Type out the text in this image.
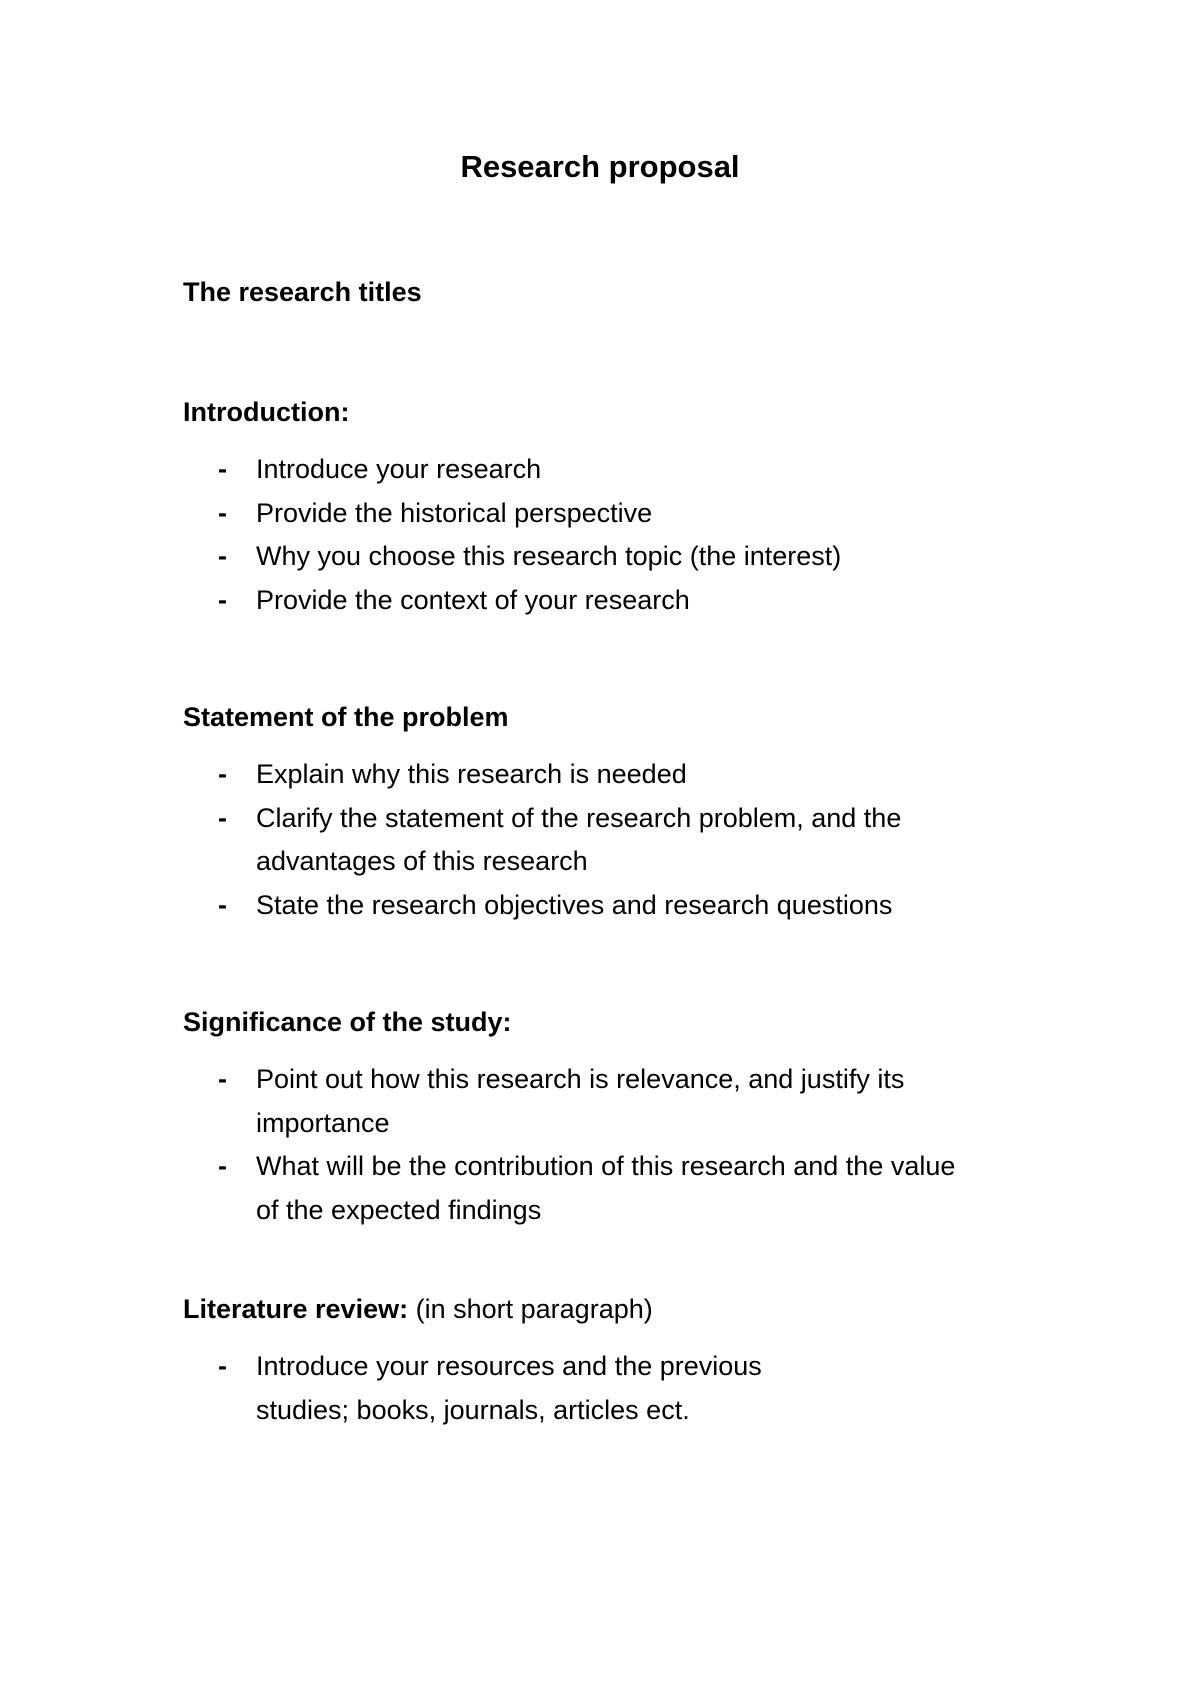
Research proposal
The research titles
Introduction:
- Introduce your research
- Provide the historical perspective
- Why you choose this research topic (the interest)
- Provide the context of your research
Statement of the problem
- Explain why this research is needed
- Clarify the statement of the research problem, and the advantages of this research
- State the research objectives and research questions
Significance of the study:
- Point out how this research is relevance, and justify its importance
- What will be the contribution of this research and the value of the expected findings
Literature review: (in short paragraph)
- Introduce your resources and the previous studies; books, journals, articles ect.
